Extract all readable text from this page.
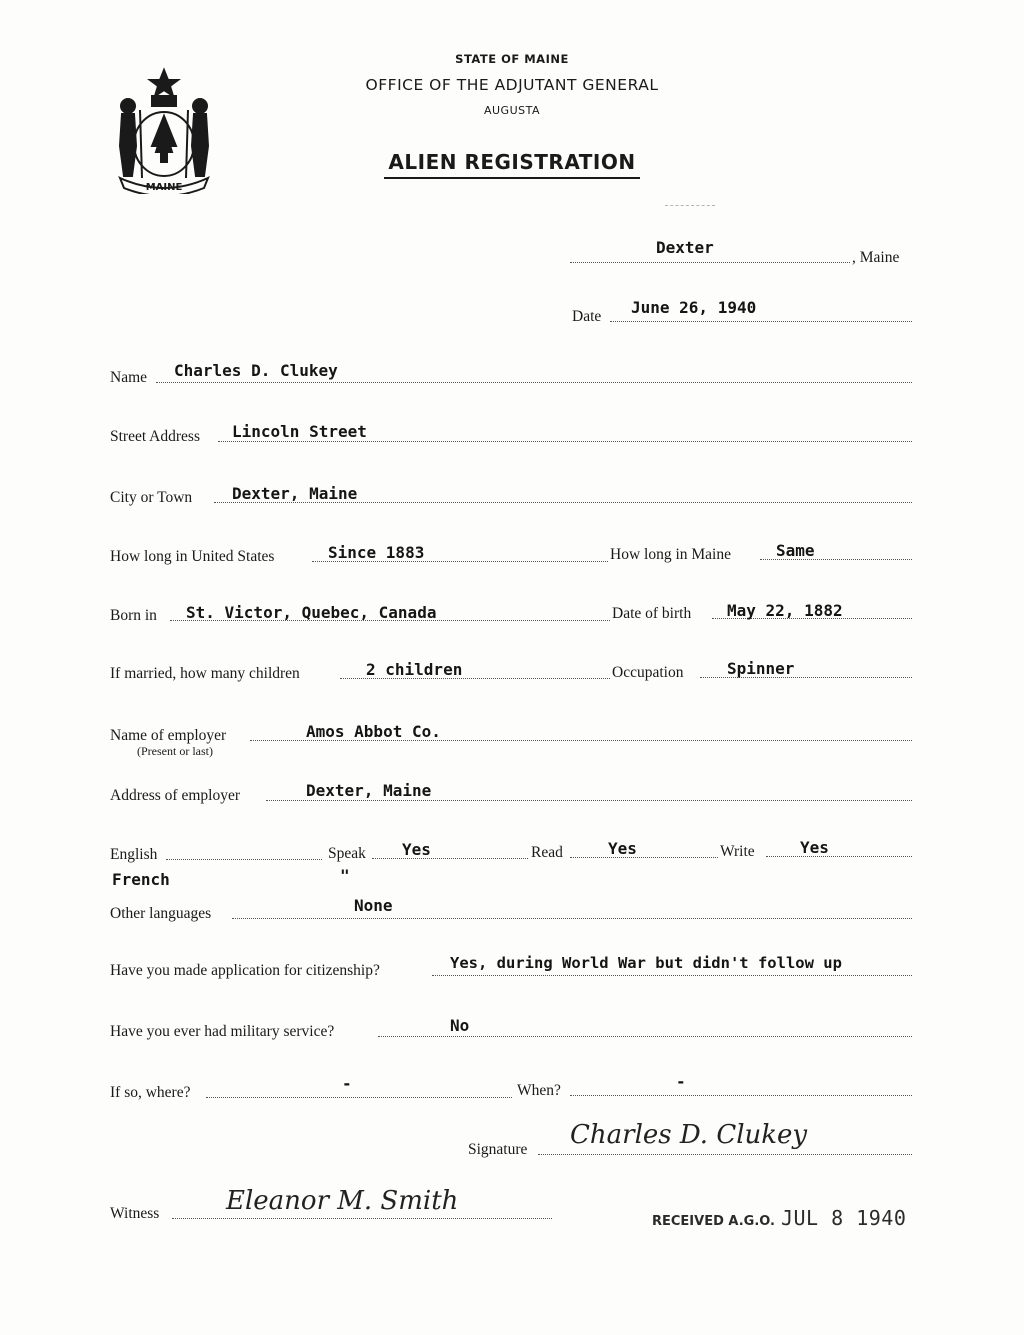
MAINE
STATE OF MAINE
OFFICE OF THE ADJUTANT GENERAL
AUGUSTA
ALIEN REGISTRATION
Dexter
, Maine
Date June 26, 1940
Name Charles D. Clukey
Street Address Lincoln Street
City or Town Dexter, Maine
How long in United States	Since 1883	How long in Maine	Same
Born in St. Victor, Quebec, Canada	Date of birth May 22, 1882
If married, how many children	2 children	Occupation	Spinner
Name of employer
(Present or last)
Amos Abbot Co.
Address of employer	Dexter, Maine
English	Speak Yes	Read	Yes	Write	Yes
French	"
Other languages	None
Have you made application for citizenship?	Yes, during World War but didn't follow up
Have you ever had military service?	No
If so, where?	-	When?	-
Signature Charles D. Clukey
Witness	Eleanor M. Smith
RECEIVED A.G.O. JUL 8 1940
